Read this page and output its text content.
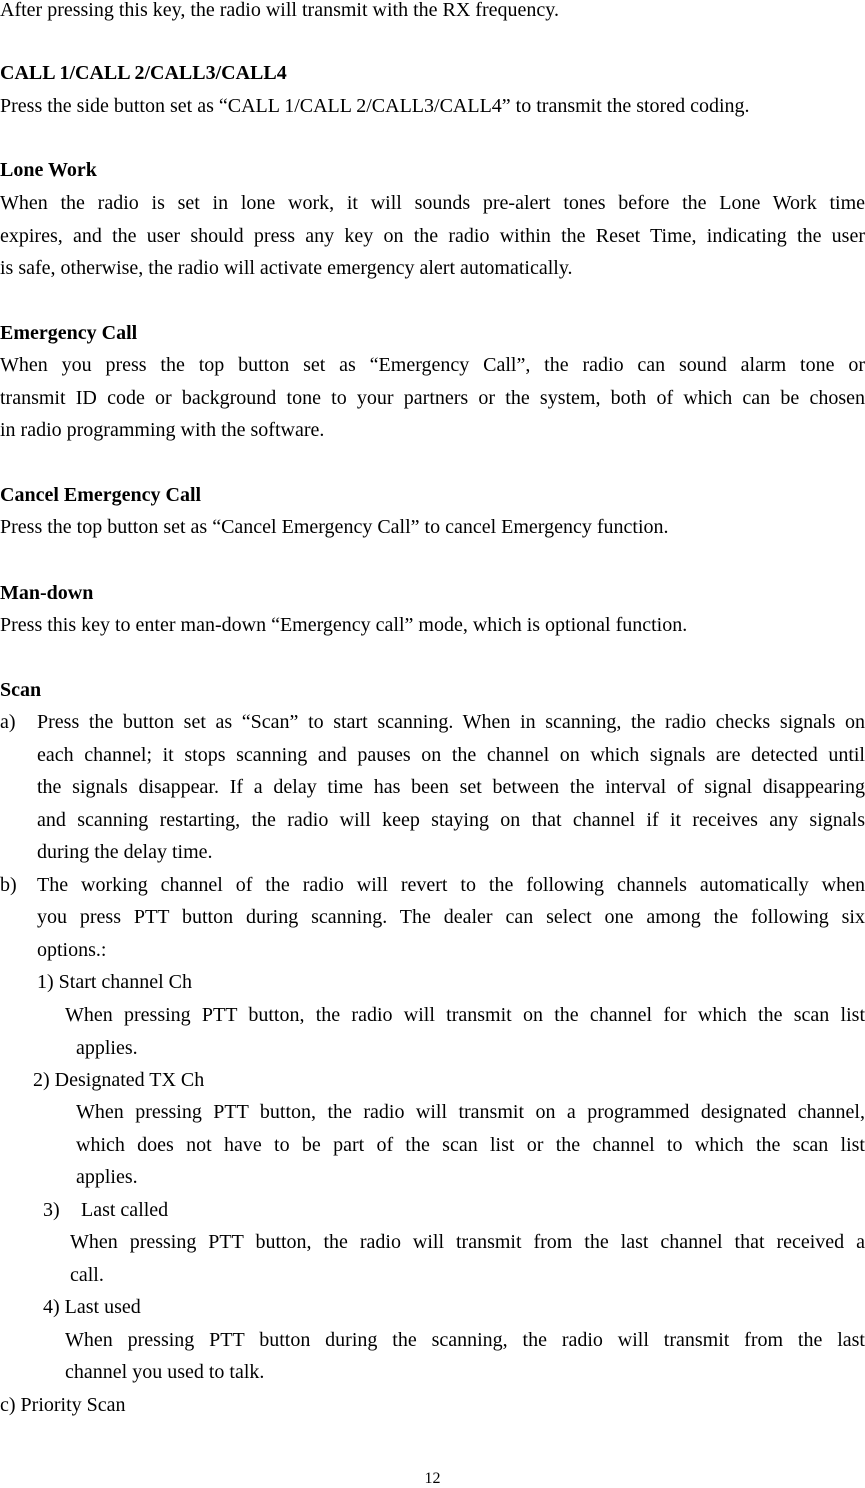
After pressing this key, the radio will transmit with the RX frequency.
CALL 1/CALL 2/CALL3/CALL4
Press the side button set as “CALL 1/CALL 2/CALL3/CALL4” to transmit the stored coding.
Lone Work
When the radio is set in lone work, it will sounds pre-alert tones before the Lone Work time
expires, and the user should press any key on the radio within the Reset Time, indicating the user
is safe, otherwise, the radio will activate emergency alert automatically.
Emergency Call
When you press the top button set as “Emergency Call”, the radio can sound alarm tone or
transmit ID code or background tone to your partners or the system, both of which can be chosen
in radio programming with the software.
Cancel Emergency Call
Press the top button set as “Cancel Emergency Call” to cancel Emergency function.
Man-down
Press this key to enter man-down “Emergency call” mode, which is optional function.
Scan
a) Press the button set as “Scan” to start scanning. When in scanning, the radio checks signals on
each channel; it stops scanning and pauses on the channel on which signals are detected until
the signals disappear. If a delay time has been set between the interval of signal disappearing
and scanning restarting, the radio will keep staying on that channel if it receives any signals
during the delay time.
b) The working channel of the radio will revert to the following channels automatically when
you press PTT button during scanning. The dealer can select one among the following six
options.:
1) Start channel Ch
When pressing PTT button, the radio will transmit on the channel for which the scan list
applies.
2) Designated TX Ch
When pressing PTT button, the radio will transmit on a programmed designated channel,
which does not have to be part of the scan list or the channel to which the scan list
applies.
3) Last called
When pressing PTT button, the radio will transmit from the last channel that received a
call.
4) Last used
When pressing PTT button during the scanning, the radio will transmit from the last
channel you used to talk.
c) Priority Scan
12
